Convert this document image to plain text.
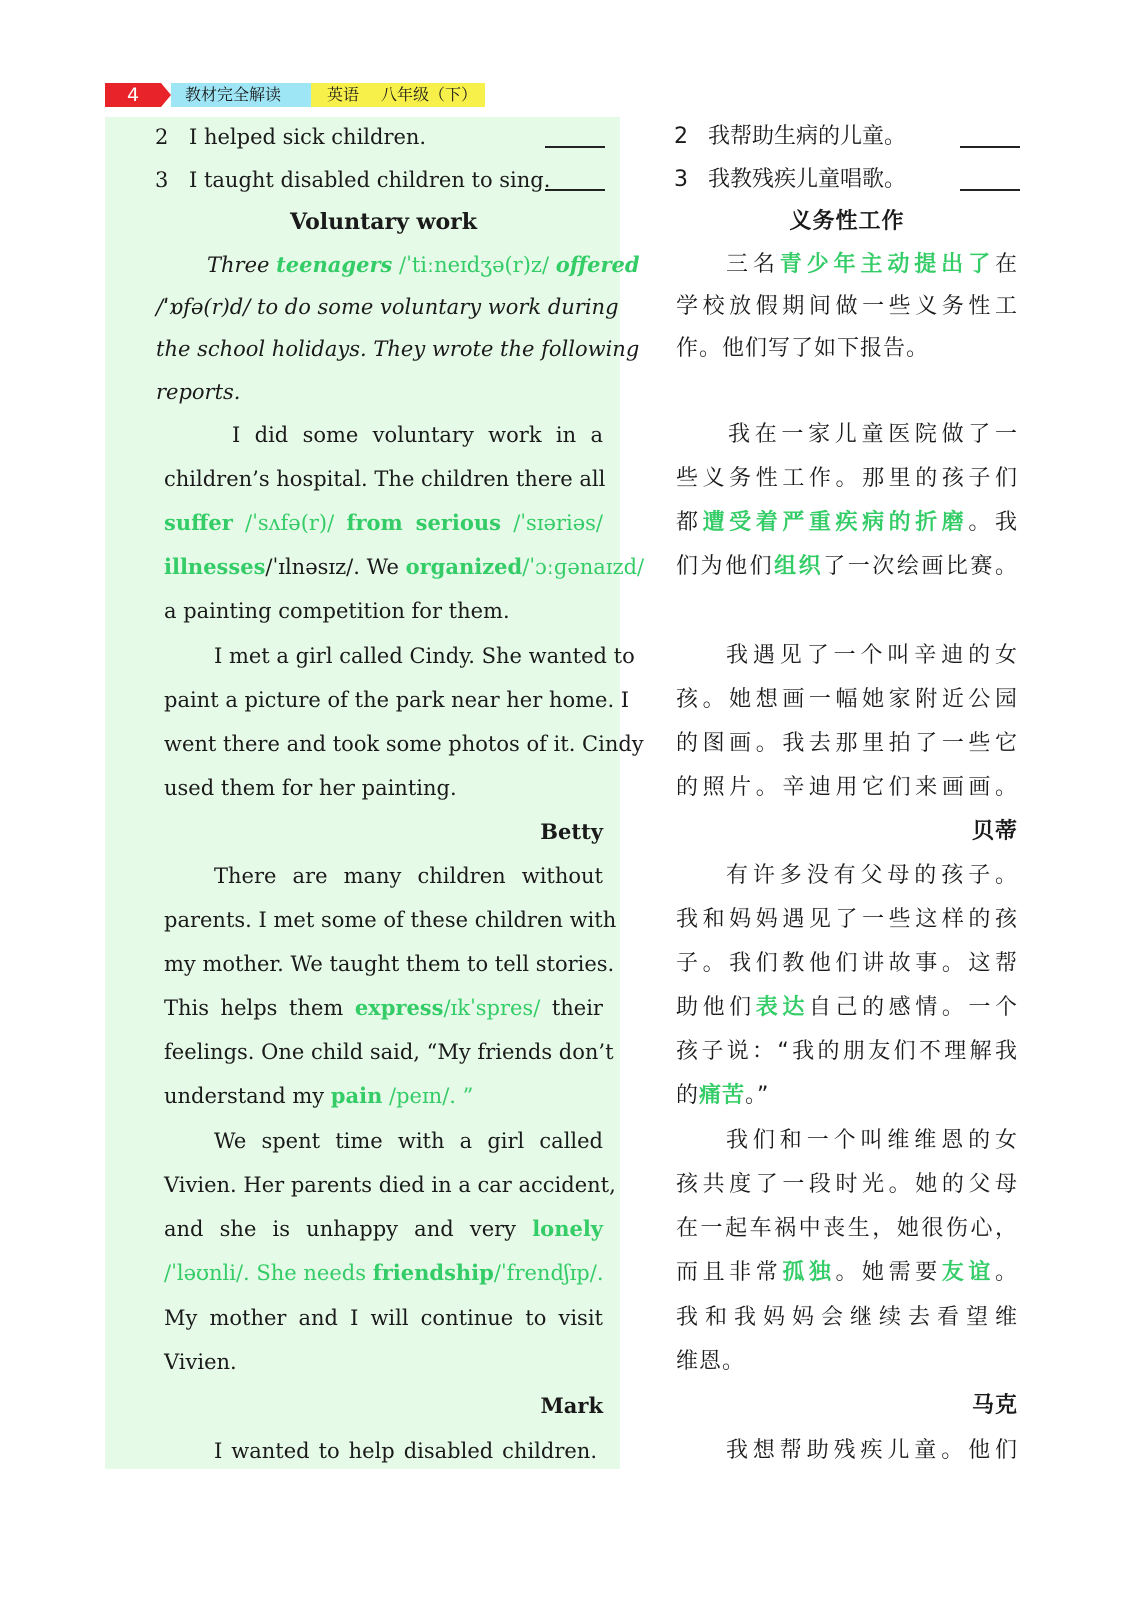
4	教材完全解读	英语 八年级（下）
2 I helped sick children.
3 I taught disabled children to sing.
Voluntary work
Three teenagers /ˈtiːneɪdʒə(r)z/ offered
/ˈɒfə(r)d/ to do some voluntary work during
the school holidays. They wrote the following
reports.
I did some voluntary work in a
children’s hospital. The children there all
suffer /ˈsʌfə(r)/ from serious /ˈsɪəriəs/
illnesses/ˈɪlnəsɪz/. We organized/ˈɔːɡənaɪzd/
a painting competition for them.
I met a girl called Cindy. She wanted to
paint a picture of the park near her home. I
went there and took some photos of it. Cindy
used them for her painting.
Betty
There are many children without
parents. I met some of these children with
my mother. We taught them to tell stories.
This helps them express/ɪkˈspres/ their
feelings. One child said, “My friends don’t
understand my pain /peɪn/. ”
We spent time with a girl called
Vivien. Her parents died in a car accident,
and she is unhappy and very lonely
/ˈləʊnli/. She needs friendship/ˈfrendʃɪp/.
My mother and I will continue to visit
Vivien.
Mark
I wanted to help disabled children.
2 我帮助生病的儿童。
3 我教残疾儿童唱歌。
义务性工作
三名青少年主动提出了在
学校放假期间做一些义务性工
作。他们写了如下报告。
我在一家儿童医院做了一
些义务性工作。那里的孩子们
都遭受着严重疾病的折磨。我
们为他们组织了一次绘画比赛。
我遇见了一个叫辛迪的女
孩。她想画一幅她家附近公园
的图画。我去那里拍了一些它
的照片。辛迪用它们来画画。
贝蒂
有许多没有父母的孩子。
我和妈妈遇见了一些这样的孩
子。我们教他们讲故事。这帮
助他们表达自己的感情。一个
孩子说：“我的朋友们不理解我
的痛苦。”
我们和一个叫维维恩的女
孩共度了一段时光。她的父母
在一起车祸中丧生，她很伤心，
而且非常孤独。她需要友谊。
我和我妈妈会继续去看望维
维恩。
马克
我想帮助残疾儿童。他们
